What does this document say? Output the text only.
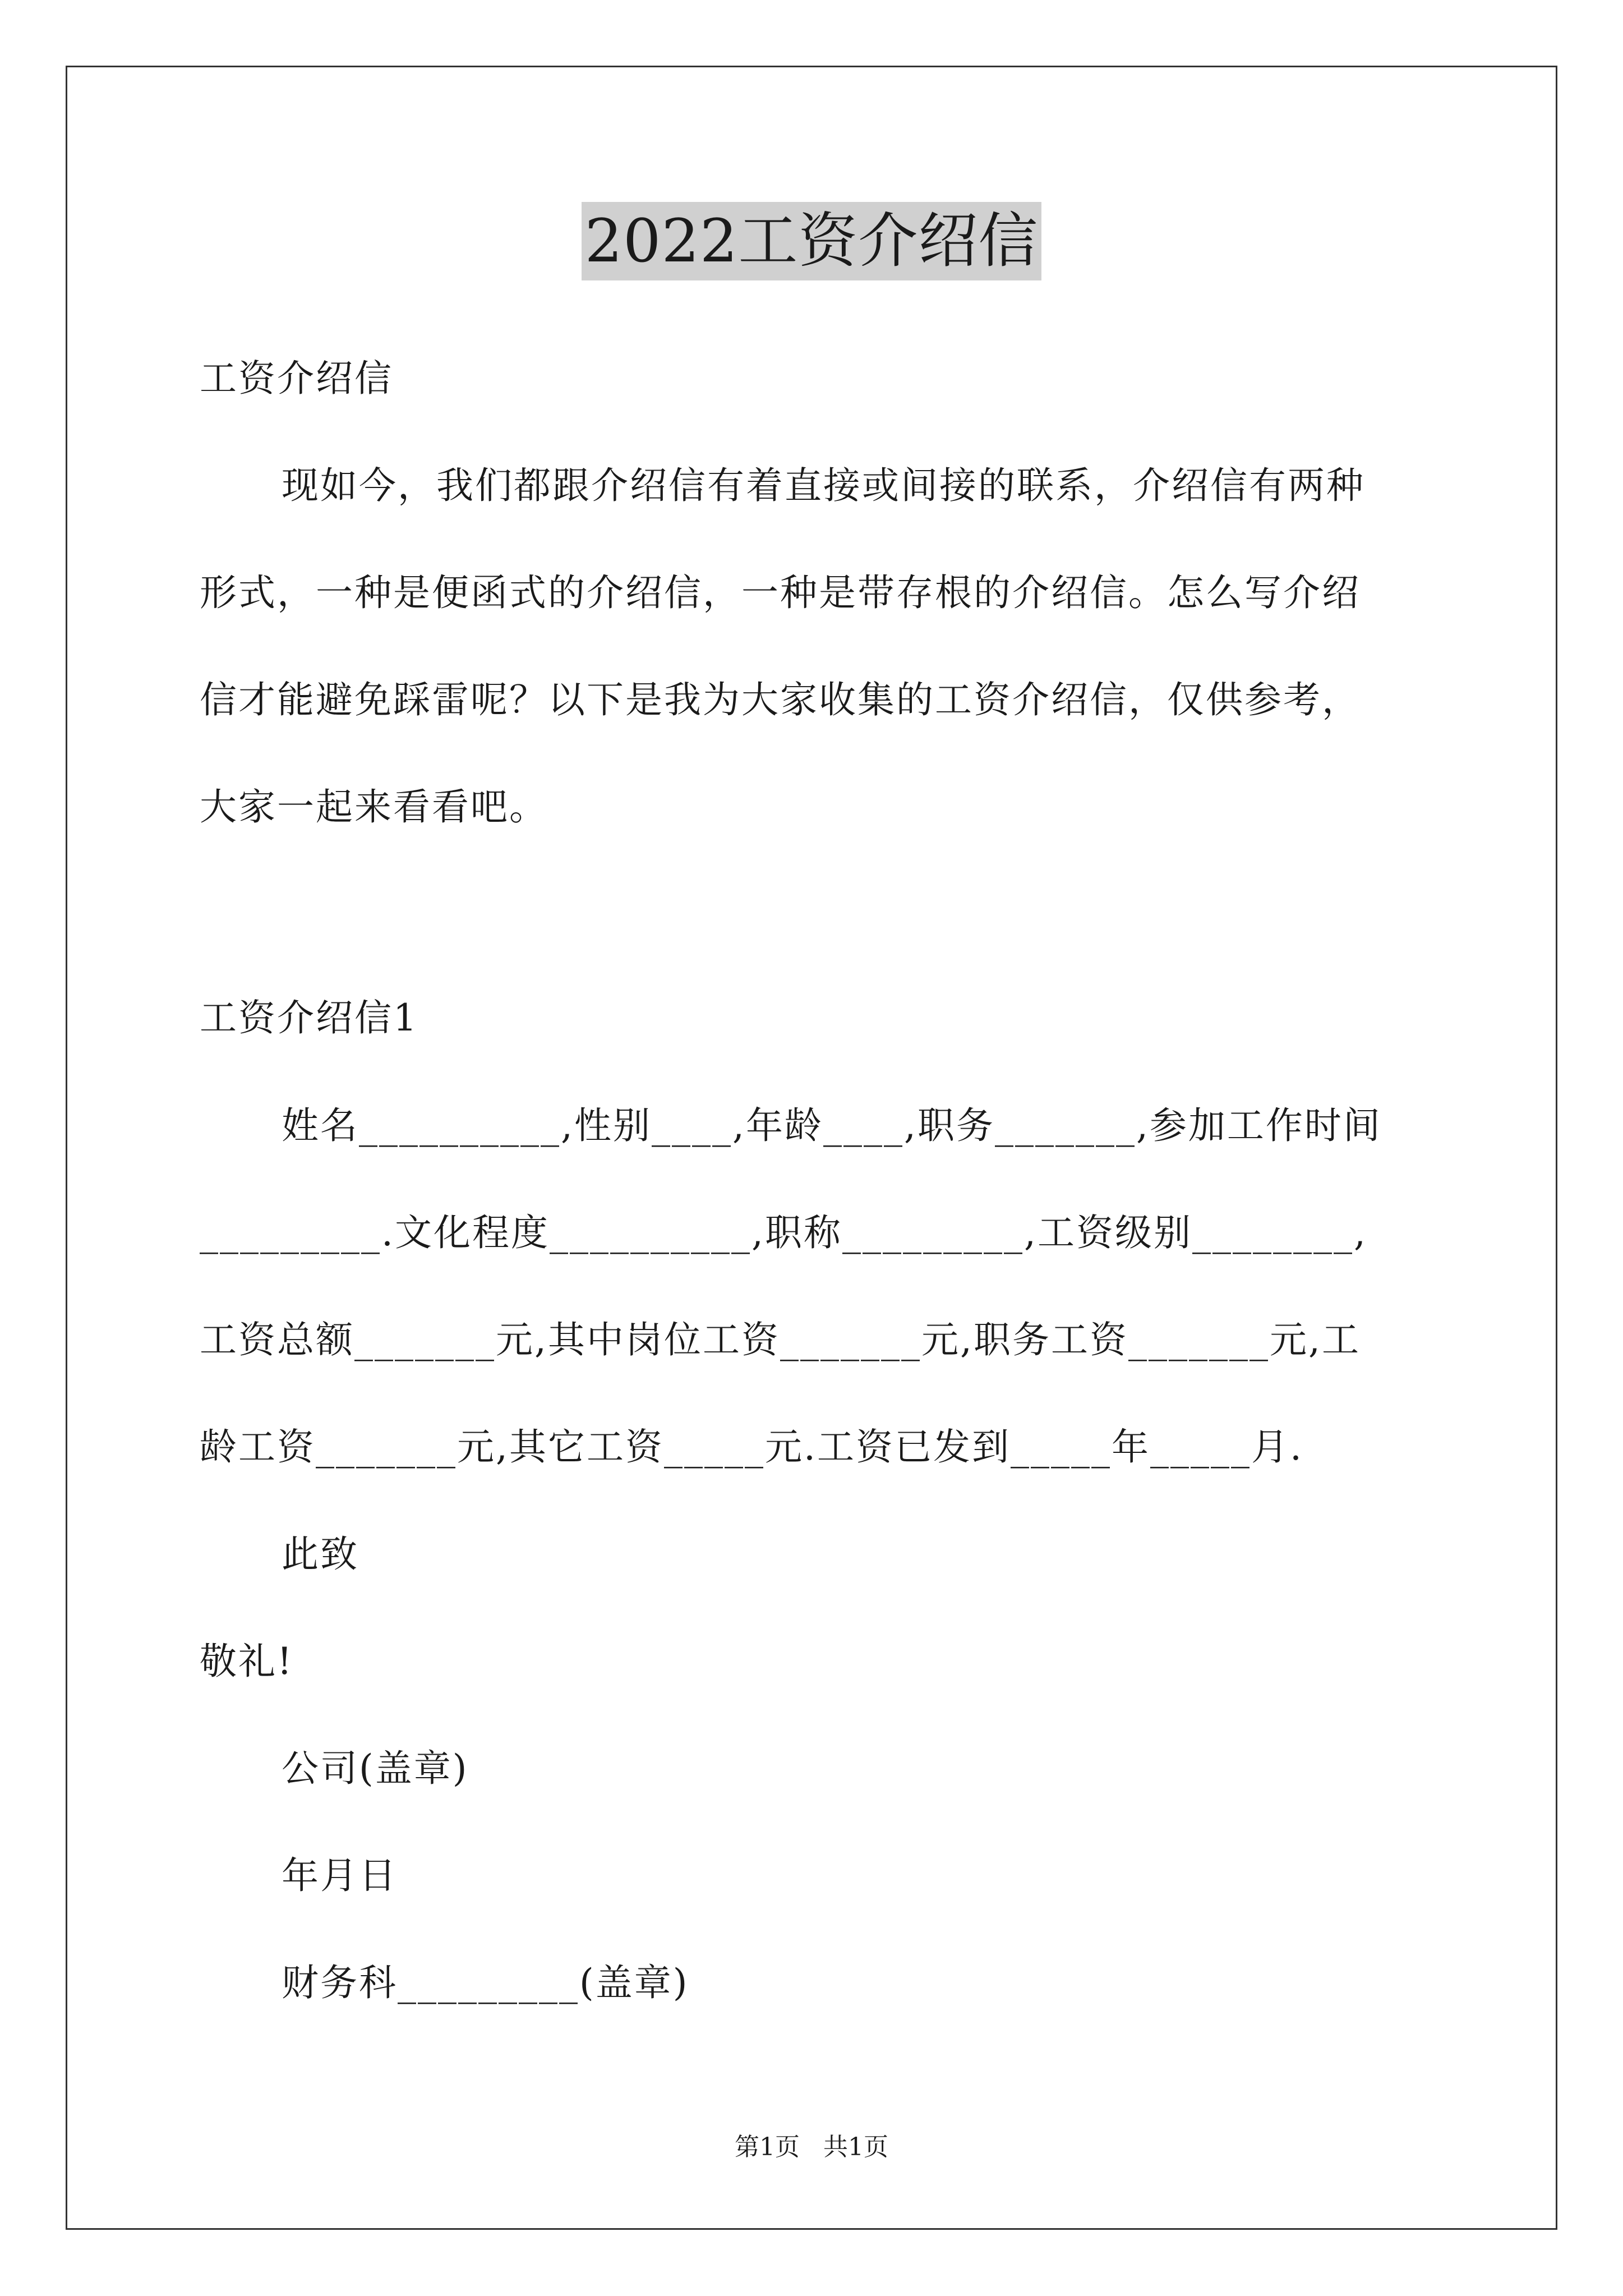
2022工资介绍信
工资介绍信
现如今，我们都跟介绍信有着直接或间接的联系，介绍信有两种
形式，一种是便函式的介绍信，一种是带存根的介绍信。怎么写介绍
信才能避免踩雷呢？以下是我为大家收集的工资介绍信，仅供参考，
大家一起来看看吧。
工资介绍信1
姓名__________,性别____,年龄____,职务_______,参加工作时间
_________.文化程度__________,职称_________,工资级别________,
工资总额_______元,其中岗位工资_______元,职务工资_______元,工
龄工资_______元,其它工资_____元.工资已发到_____年_____月.
此致
敬礼!
公司(盖章)
年月日
财务科_________(盖章)
第1页   共1页
